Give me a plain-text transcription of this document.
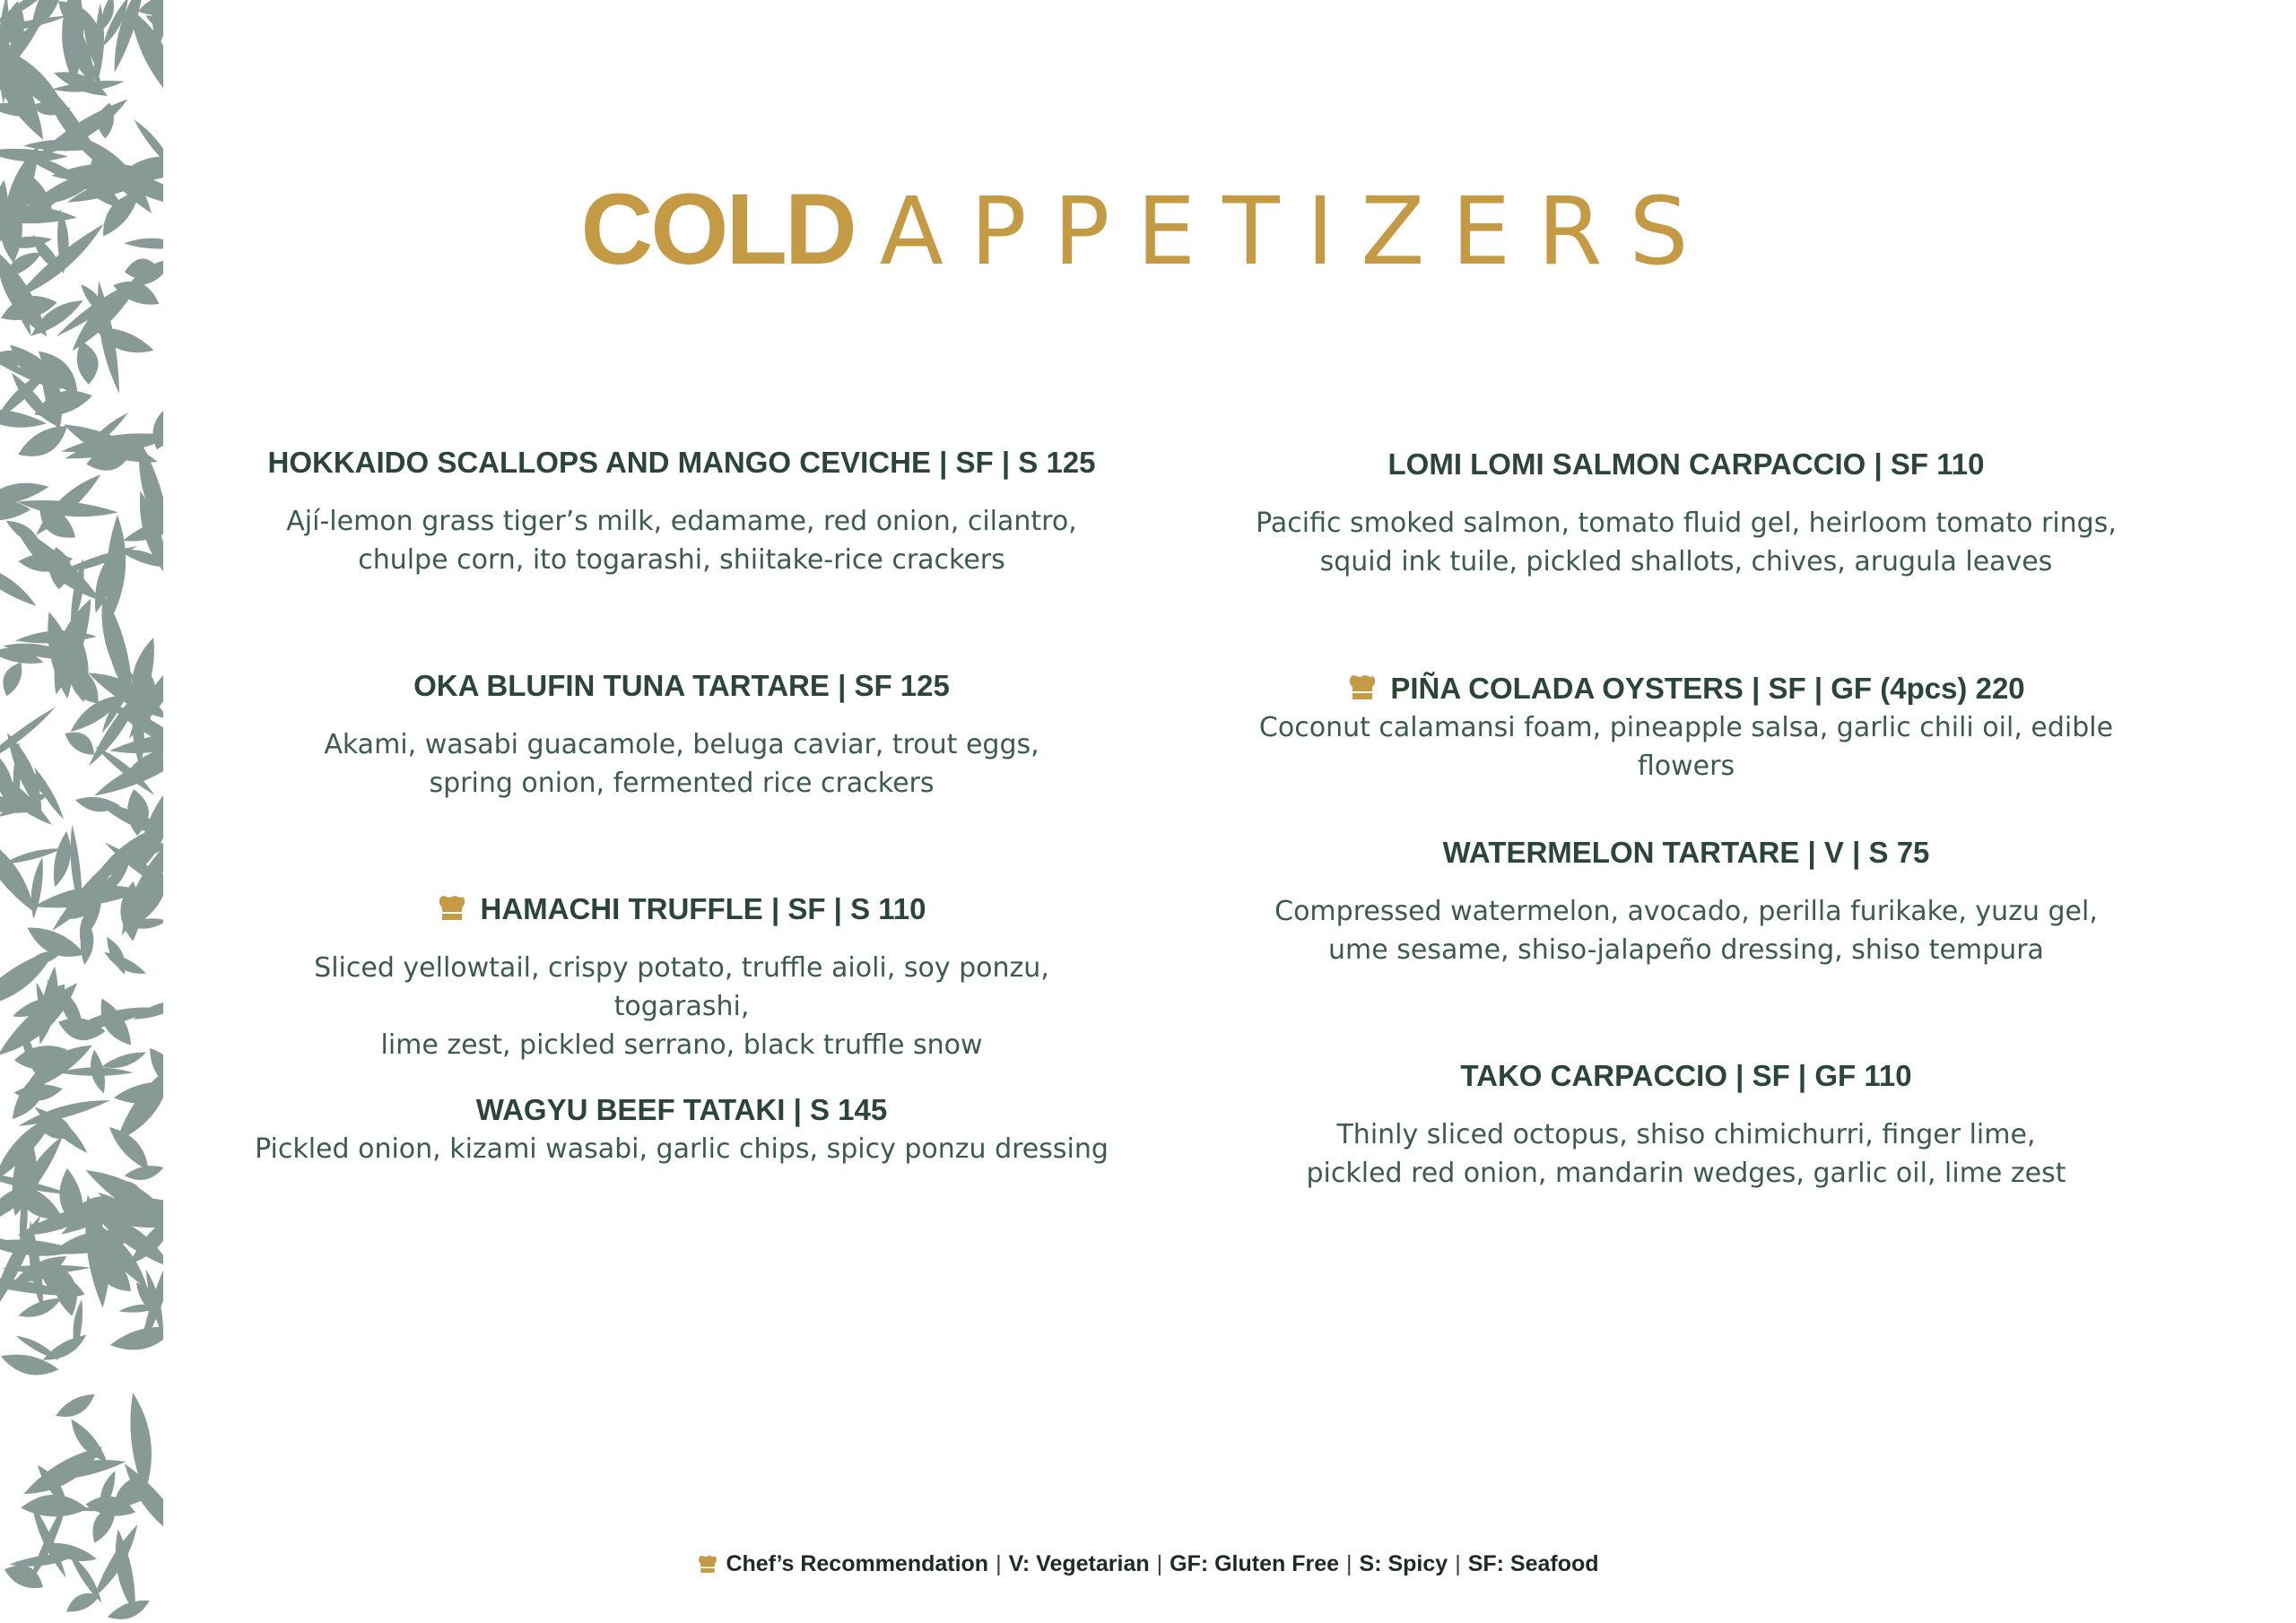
COLD APPETIZERS
HOKKAIDO SCALLOPS AND MANGO CEVICHE | SF | S 125
Ají-lemon grass tiger’s milk, edamame, red onion, cilantro,
chulpe corn, ito togarashi, shiitake-rice crackers
OKA BLUFIN TUNA TARTARE | SF 125
Akami, wasabi guacamole, beluga caviar, trout eggs,
spring onion, fermented rice crackers
HAMACHI TRUFFLE | SF | S 110
Sliced yellowtail, crispy potato, truffle aioli, soy ponzu, togarashi,
lime zest, pickled serrano, black truffle snow
WAGYU BEEF TATAKI | S 145
Pickled onion, kizami wasabi, garlic chips, spicy ponzu dressing
LOMI LOMI SALMON CARPACCIO | SF 110
Pacific smoked salmon, tomato fluid gel, heirloom tomato rings,
squid ink tuile, pickled shallots, chives, arugula leaves
PIÑA COLADA OYSTERS | SF | GF (4pcs) 220
Coconut calamansi foam, pineapple salsa, garlic chili oil, edible flowers
WATERMELON TARTARE | V | S 75
Compressed watermelon, avocado, perilla furikake, yuzu gel,
ume sesame, shiso-jalapeño dressing, shiso tempura
TAKO CARPACCIO | SF | GF 110
Thinly sliced octopus, shiso chimichurri, finger lime,
pickled red onion, mandarin wedges, garlic oil, lime zest
Chef’s Recommendation | V: Vegetarian | GF: Gluten Free | S: Spicy | SF: Seafood
